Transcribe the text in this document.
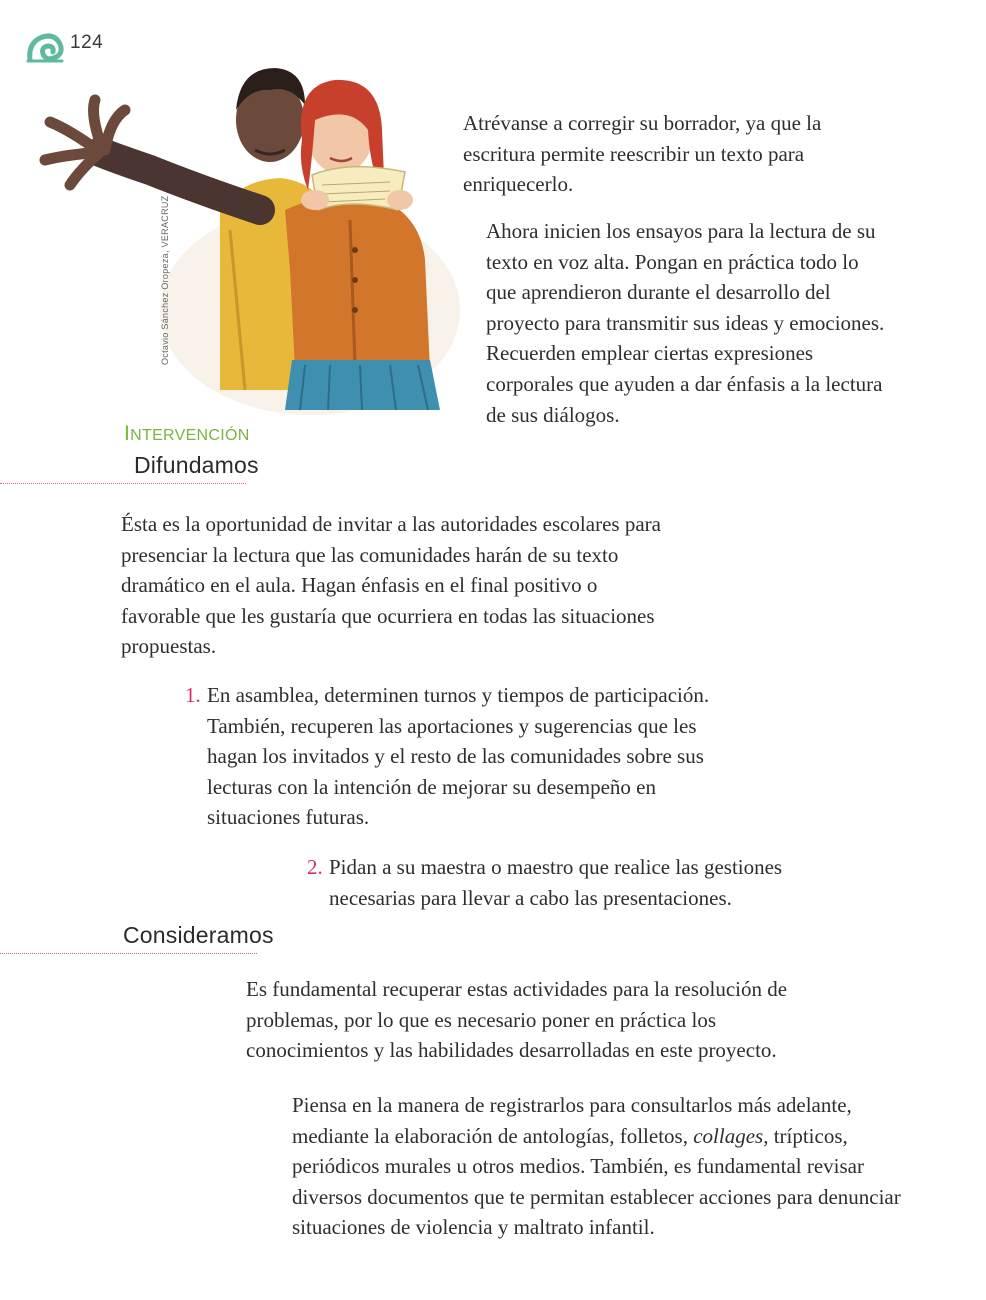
124
Octavio Sánchez Oropeza, VERACRUZ

Atrévanse a corregir su borrador, ya que la escritura permite reescribir un texto para enriquecerlo.

Ahora inicien los ensayos para la lectura de su texto en voz alta. Pongan en práctica todo lo que aprendieron durante el desarrollo del proyecto para transmitir sus ideas y emociones. Recuerden emplear ciertas expresiones corporales que ayuden a dar énfasis a la lectura de sus diálogos.

INTERVENCIÓN
Difundamos

Ésta es la oportunidad de invitar a las autoridades escolares para presenciar la lectura que las comunidades harán de su texto dramático en el aula. Hagan énfasis en el final positivo o favorable que les gustaría que ocurriera en todas las situaciones propuestas.

1. En asamblea, determinen turnos y tiempos de participación. También, recuperen las aportaciones y sugerencias que les hagan los invitados y el resto de las comunidades sobre sus lecturas con la intención de mejorar su desempeño en situaciones futuras.

2. Pidan a su maestra o maestro que realice las gestiones necesarias para llevar a cabo las presentaciones.

Consideramos

Es fundamental recuperar estas actividades para la resolución de problemas, por lo que es necesario poner en práctica los conocimientos y las habilidades desarrolladas en este proyecto.

Piensa en la manera de registrarlos para consultarlos más adelante, mediante la elaboración de antologías, folletos, collages, trípticos, periódicos murales u otros medios. También, es fundamental revisar diversos documentos que te permitan establecer acciones para denunciar situaciones de violencia y maltrato infantil.
